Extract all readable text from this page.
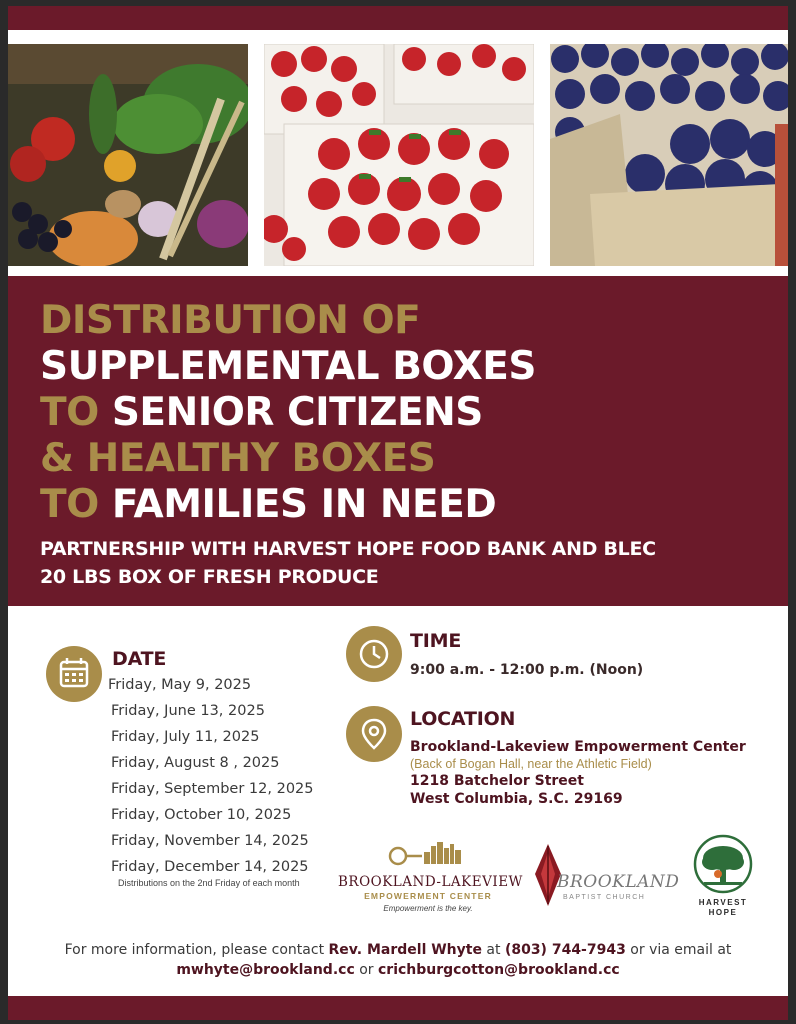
DISTRIBUTION OF
SUPPLEMENTAL BOXES
TO SENIOR CITIZENS
& HEALTHY BOXES
TO FAMILIES IN NEED
PARTNERSHIP WITH HARVEST HOPE FOOD BANK AND BLEC
20 LBS BOX OF FRESH PRODUCE
DATE
Friday, May 9, 2025
Friday, June 13, 2025
Friday, July 11, 2025
Friday, August 8 , 2025
Friday, September 12, 2025
Friday, October 10, 2025
Friday, November 14, 2025
Friday, December 14, 2025
Distributions on the 2nd Friday of each month
TIME
9:00 a.m. - 12:00 p.m. (Noon)
LOCATION
Brookland-Lakeview Empowerment Center
(Back of Bogan Hall, near the Athletic Field)
1218 Batchelor Street
West Columbia, S.C. 29169
BROOKLAND-LAKEVIEW
EMPOWERMENT CENTER
Empowerment is the key.
BROOKLAND
BAPTIST CHURCH
HARVEST
HOPE
For more information, please contact Rev. Mardell Whyte at (803) 744-7943 or via email at
mwhyte@brookland.cc or crichburgcotton@brookland.cc
